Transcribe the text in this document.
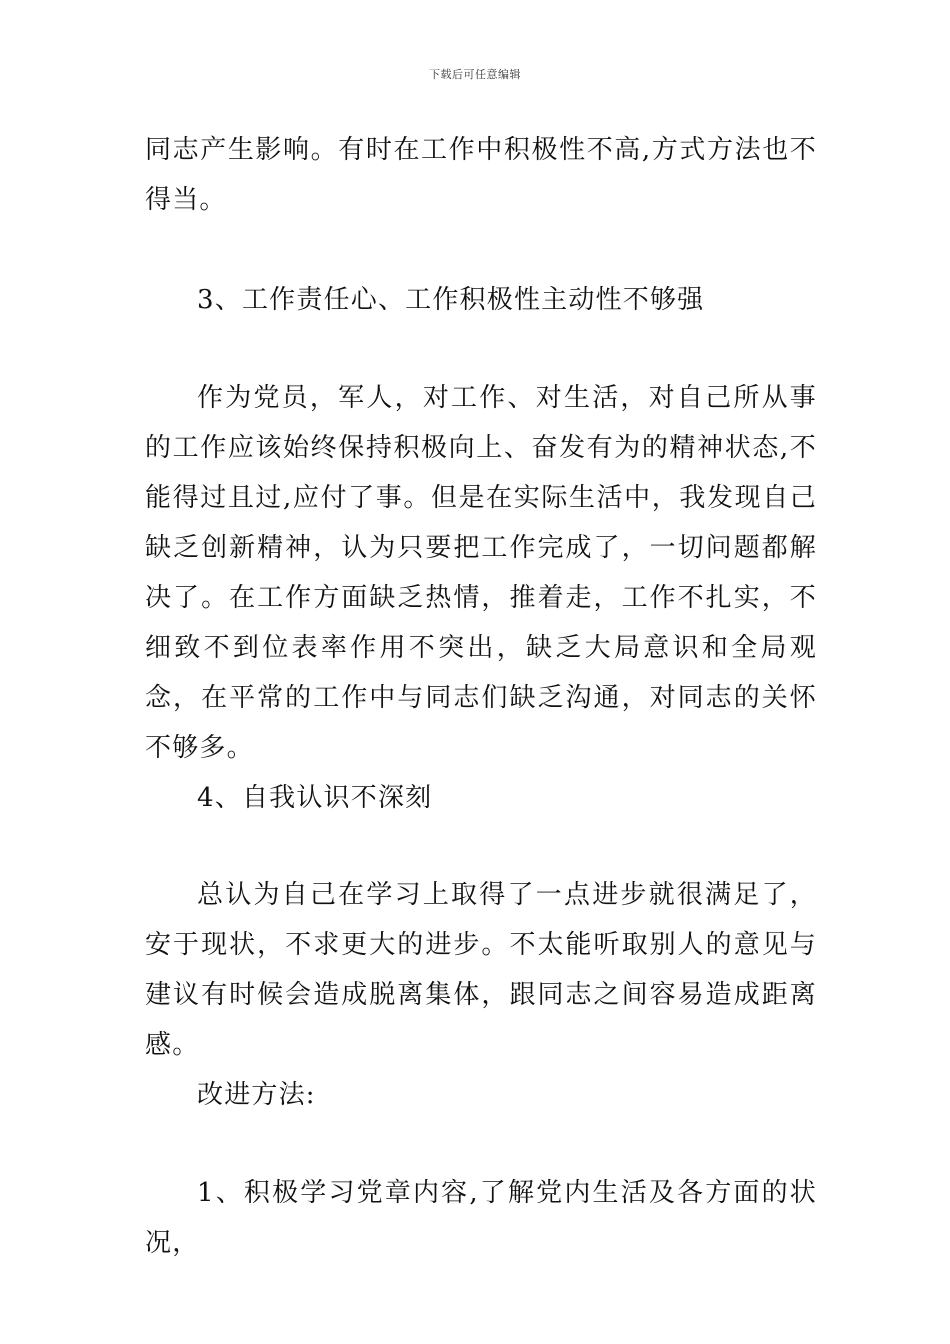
下载后可任意编辑
同志产生影响。有时在工作中积极性不高,方式方法也不得当。
3、工作责任心、工作积极性主动性不够强
作为党员，军人，对工作、对生活，对自己所从事的工作应该始终保持积极向上、奋发有为的精神状态,不能得过且过,应付了事。但是在实际生活中，我发现自己缺乏创新精神，认为只要把工作完成了，一切问题都解决了。在工作方面缺乏热情，推着走，工作不扎实，不细致不到位表率作用不突出，缺乏大局意识和全局观念，在平常的工作中与同志们缺乏沟通，对同志的关怀不够多。
4、自我认识不深刻
总认为自己在学习上取得了一点进步就很满足了，安于现状，不求更大的进步。不太能听取别人的意见与建议有时候会造成脱离集体，跟同志之间容易造成距离感。
改进方法:
1、积极学习党章内容,了解党内生活及各方面的状况，
